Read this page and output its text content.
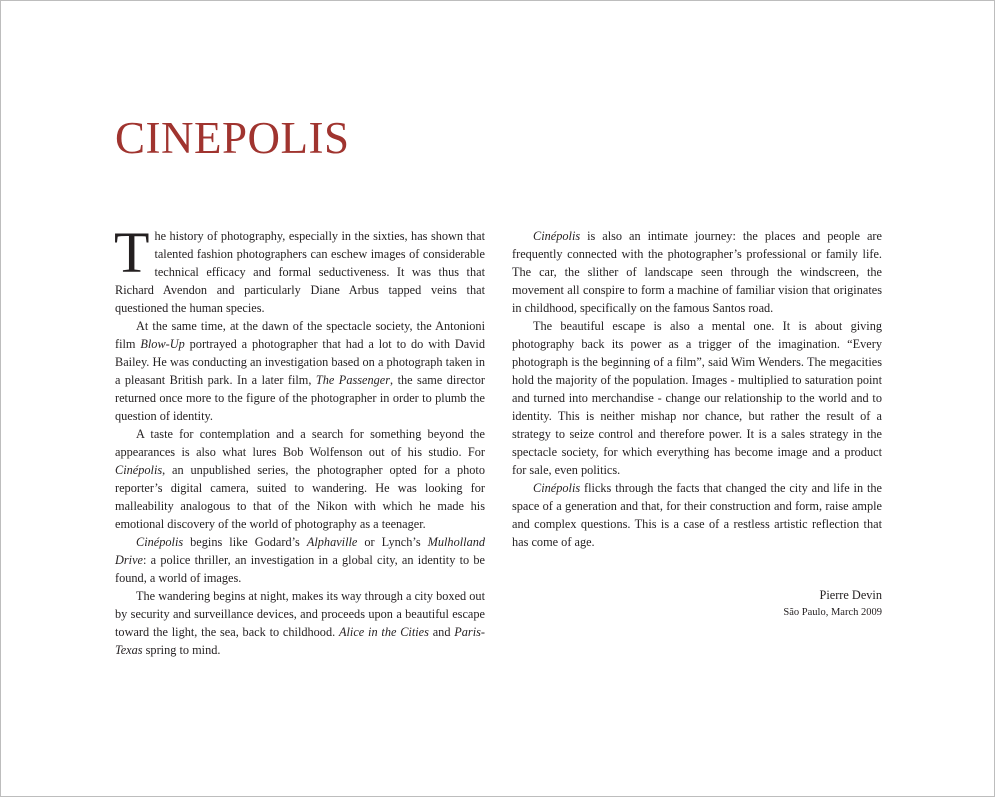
CINEPOLIS

The history of photography, especially in the sixties, has shown that talented fashion photographers can eschew images of considerable technical efficacy and formal seductiveness. It was thus that Richard Avendon and particularly Diane Arbus tapped veins that questioned the human species.

At the same time, at the dawn of the spectacle society, the Antonioni film Blow-Up portrayed a photographer that had a lot to do with David Bailey. He was conducting an investigation based on a photograph taken in a pleasant British park. In a later film, The Passenger, the same director returned once more to the figure of the photographer in order to plumb the question of identity.

A taste for contemplation and a search for something beyond the appearances is also what lures Bob Wolfenson out of his studio. For Cinépolis, an unpublished series, the photographer opted for a photo reporter’s digital camera, suited to wandering. He was looking for malleability analogous to that of the Nikon with which he made his emotional discovery of the world of photography as a teenager.

Cinépolis begins like Godard’s Alphaville or Lynch’s Mulholland Drive: a police thriller, an investigation in a global city, an identity to be found, a world of images.

The wandering begins at night, makes its way through a city boxed out by security and surveillance devices, and proceeds upon a beautiful escape toward the light, the sea, back to childhood. Alice in the Cities and Paris-Texas spring to mind.

Cinépolis is also an intimate journey: the places and people are frequently connected with the photographer’s professional or family life. The car, the slither of landscape seen through the windscreen, the movement all conspire to form a machine of familiar vision that originates in childhood, specifically on the famous Santos road.

The beautiful escape is also a mental one. It is about giving photography back its power as a trigger of the imagination. “Every photograph is the beginning of a film”, said Wim Wenders. The megacities hold the majority of the population. Images - multiplied to saturation point and turned into merchandise - change our relationship to the world and to identity. This is neither mishap nor chance, but rather the result of a strategy to seize control and therefore power. It is a sales strategy in the spectacle society, for which everything has become image and a product for sale, even politics.

Cinépolis flicks through the facts that changed the city and life in the space of a generation and that, for their construction and form, raise ample and complex questions. This is a case of a restless artistic reflection that has come of age.

Pierre Devin
São Paulo, March 2009
